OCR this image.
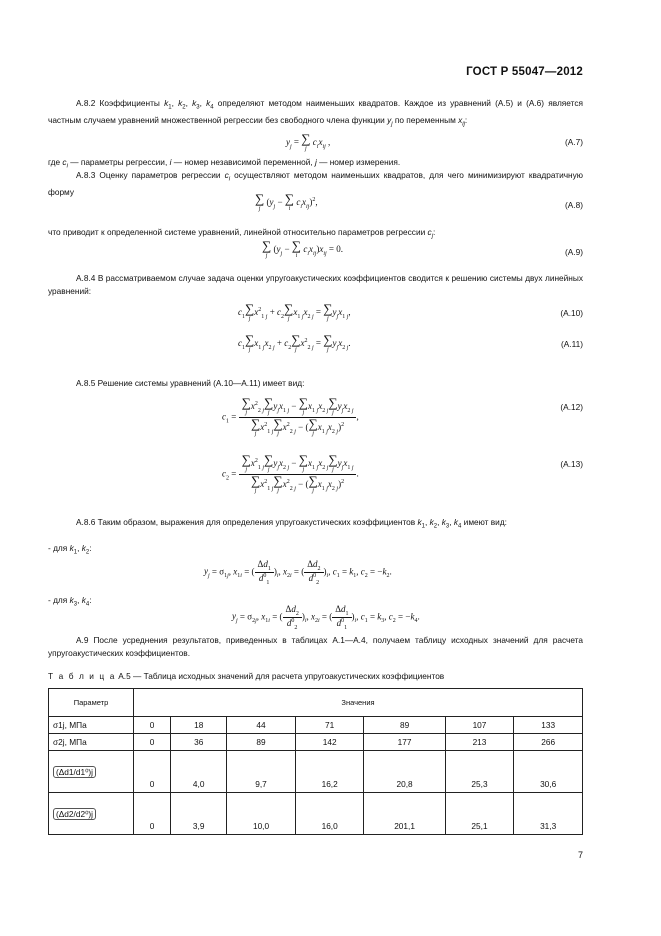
ГОСТ Р 55047—2012
А.8.2 Коэффициенты $k_1$, $k_2$, $k_3$, $k_4$ определяют методом наименьших квадратов. Каждое из уравнений (А.5) и (А.6) является частным случаем уравнений множественной регрессии без свободного члена функции $y_j$ по переменным $x_{ij}$:
$y_j$ = ∑
j
$c_ix_{ij}$ ,	(А.7)
где $c_i$ — параметры регрессии, i — номер независимой переменной, j — номер измерения.
А.8.3 Оценку параметров регрессии $c_i$ осуществляют методом наименьших квадратов, для чего минимизируют квадратичную форму	∑
j
($y_j$ − ∑
i
$c_ix_{ij})^2$,	(А.8)
что приводит к определенной системе уравнений, линейной относительно параметров регрессии $c_j$:
∑
j
($y_j$ − ∑
i
$c_ix_{ij})x_{ij} = 0$.	(А.9)
А.8.4 В рассматриваемом случае задача оценки упругоакустических коэффициентов сводится к решению системы двух линейных уравнений:
$c_1$
∑
j
$x^2_{1 j} + c_2$
∑
j
$x_{1 j}x_{2 j}$ = ∑
j
$y_jx_{1 j}$,	(А.10)
$c_1$
∑
j
$x_{1 j}x_{2 j} + c_2$
∑
j
$x^2_{2 j}$ = ∑
j
$y_jx_{2 j}$.	(А.11)
А.8.5 Решение системы уравнений (А.10—А.11) имеет вид:
$c_1$ = ∑
j
$x^2_{2 j}$
∑
j
$y_jx_{1 j}$ − ∑
j
$x_{1 j}x_{2 j}$
∑
j
$y_jx_{2 j}$
∑
j
$x^2_{1 j}$
∑
j
$x^2_{2 j}$ − ( ∑
j
$x_{1 j}x_{2 j})^2$ ,
(А.12)
$c_2$ = ∑
j
$x^2_{1 j}$
∑
j
$y_jx_{2 j}$ − ∑
j
$x_{1 j}x_{2 j}$
∑
j
$y_jx_{1 j}$
∑
j
$x^2_{1 j}$
∑
j
$x^2_{2 j}$ − ( ∑
j
$x_{1 j}x_{2 j})^2$ .
(А.13)
А.8.6 Таким образом, выражения для определения упругоакустических коэффициентов $k_1$, $k_2$, $k_3$, $k_4$ имеют вид:
- для $k_1$, $k_2$:
$y_j = \sigma_{1j}$, $x_{1i}$ = ( $\frac{\Delta d_1}{d^0_1} )_i$, $x_{2i}$ = ( $\frac{\Delta d_2}{d^0_2} )_i$, $c_1 = k_1$, $c_2 = -k_2$.
- для $k_3$, $k_4$:
$y_j = \sigma_{2j}$, $x_{1i}$ = ( $\frac{\Delta d_2}{d^0_2} )_i$, $x_{2i}$ = ( $\frac{\Delta d_1}{d^0_1} )_i$, $c_1 = k_3$, $c_2 = -k_4$.
А.9 После усреднения результатов, приведенных в таблицах А.1—А.4, получаем таблицу исходных значений для расчета упругоакустических коэффициентов.
Т а б л и ц а А.5 — Таблица исходных значений для расчета упругоакустических коэффициентов
Параметр	Значения						
σ1j, МПа	0	18	44	71	89	107	133
σ2j, МПа	0	36	89	142	177	213	266
(Δd1/d1⁰)j	0	4,0	9,7	16,2	20,8	25,3	30,6
(Δd2/d2⁰)j	0	3,9	10,0	16,0	201,1	25,1	31,3
7
